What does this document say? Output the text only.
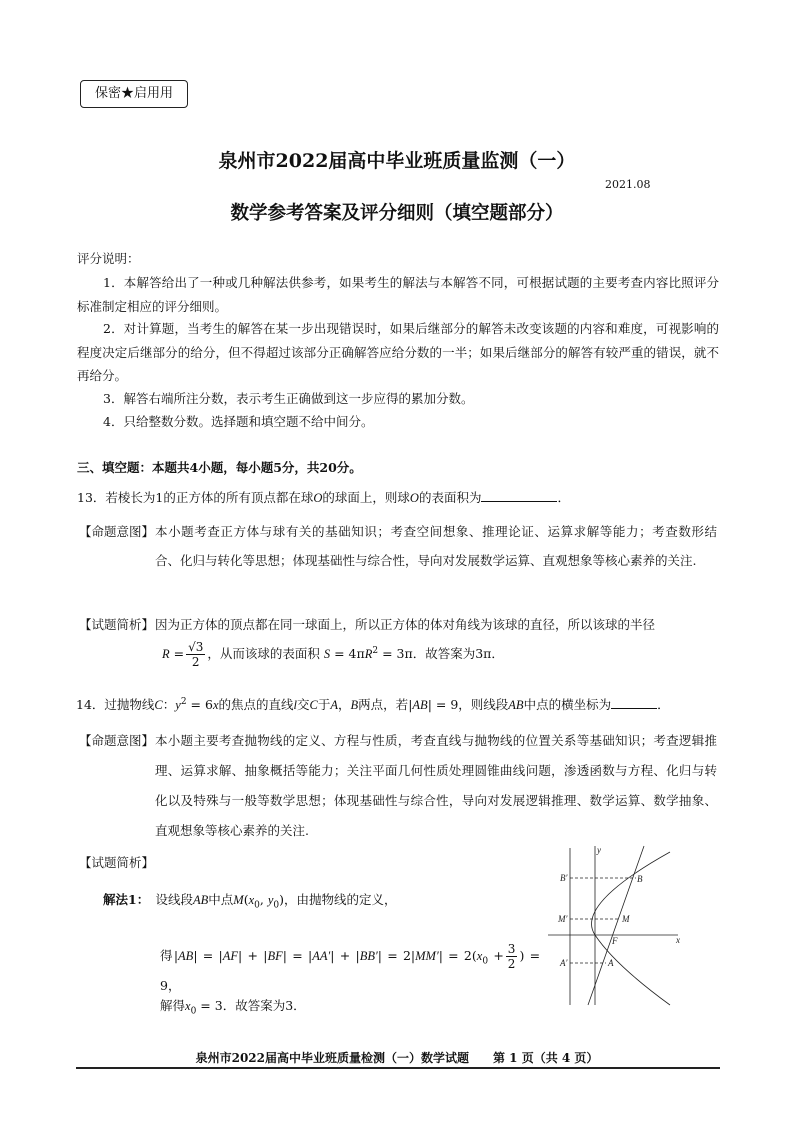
保密★启用用
泉州市2022届高中毕业班质量监测（一）
2021.08
数学参考答案及评分细则（填空题部分）
评分说明：
1．本解答给出了一种或几种解法供参考，如果考生的解法与本解答不同，可根据试题的主要考查内容比照评分标准制定相应的评分细则。
2．对计算题，当考生的解答在某一步出现错误时，如果后继部分的解答未改变该题的内容和难度，可视影响的程度决定后继部分的给分，但不得超过该部分正确解答应给分数的一半；如果后继部分的解答有较严重的错误，就不再给分。
3．解答右端所注分数，表示考生正确做到这一步应得的累加分数。
4．只给整数分数。选择题和填空题不给中间分。
三、填空题：本题共4小题，每小题5分，共20分。
13．若棱长为1的正方体的所有顶点都在球O的球面上，则球O的表面积为	．
【命题意图】本小题考查正方体与球有关的基础知识；考查空间想象、推理论证、运算求解等能力；考查数形结合、化归与转化等思想；体现基础性与综合性，导向对发展数学运算、直观想象等核心素养的关注.
【试题简析】因为正方体的顶点都在同一球面上，所以正方体的体对角线为该球的直径，所以该球的半径
$R = \frac{√3}{2}$ ，从而该球的表面积 $S = 4\pi R^2 = 3\pi$．故答案为3π．
14．过抛物线C：$y^2 = 6x$的焦点的直线l交C于A，B两点，若|AB| = 9，则线段AB中点的横坐标为	．
【命题意图】本小题主要考查抛物线的定义、方程与性质，考查直线与抛物线的位置关系等基础知识；考查逻辑推理、运算求解、抽象概括等能力；关注平面几何性质处理圆锥曲线问题，渗透函数与方程、化归与转化以及特殊与一般等数学思想；体现基础性与综合性，导向对发展逻辑推理、数学运算、数学抽象、直观想象等核心素养的关注.
【试题简析】
解法1：　 设线段AB中点$M(x_0$, $y_0$)，由抛物线的定义，
得$|AB| = |AF| + |BF| = |AA'| + |BB'| = 2|MM'| = 2(x_0 + \frac{3}{2}$ ) = 9，
解得$x_0 = 3$．故答案为3．
y
x
B′	B
M′	M
F
A′	A
泉州市2022届高中毕业班质量检测（一）数学试题　　第 1 页（共 4 页）
